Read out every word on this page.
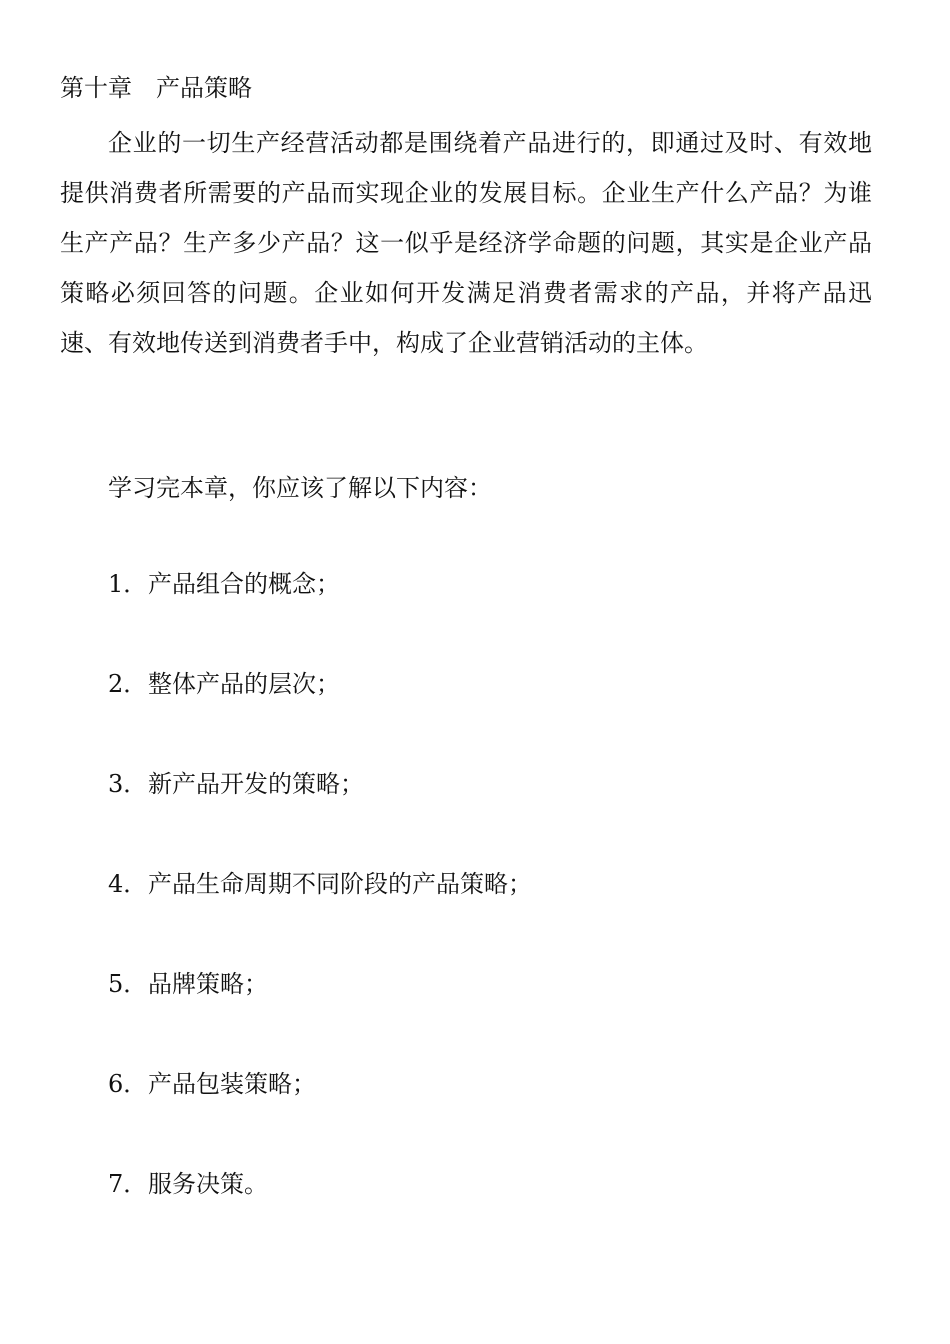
第十章　产品策略

企业的一切生产经营活动都是围绕着产品进行的，即通过及时、有效地提供消费者所需要的产品而实现企业的发展目标。企业生产什么产品？为谁生产产品？生产多少产品？这一似乎是经济学命题的问题，其实是企业产品策略必须回答的问题。企业如何开发满足消费者需求的产品，并将产品迅速、有效地传送到消费者手中，构成了企业营销活动的主体。

学习完本章，你应该了解以下内容：

1．产品组合的概念；

2．整体产品的层次；

3．新产品开发的策略；

4．产品生命周期不同阶段的产品策略；

5．品牌策略；

6．产品包装策略；

7．服务决策。
